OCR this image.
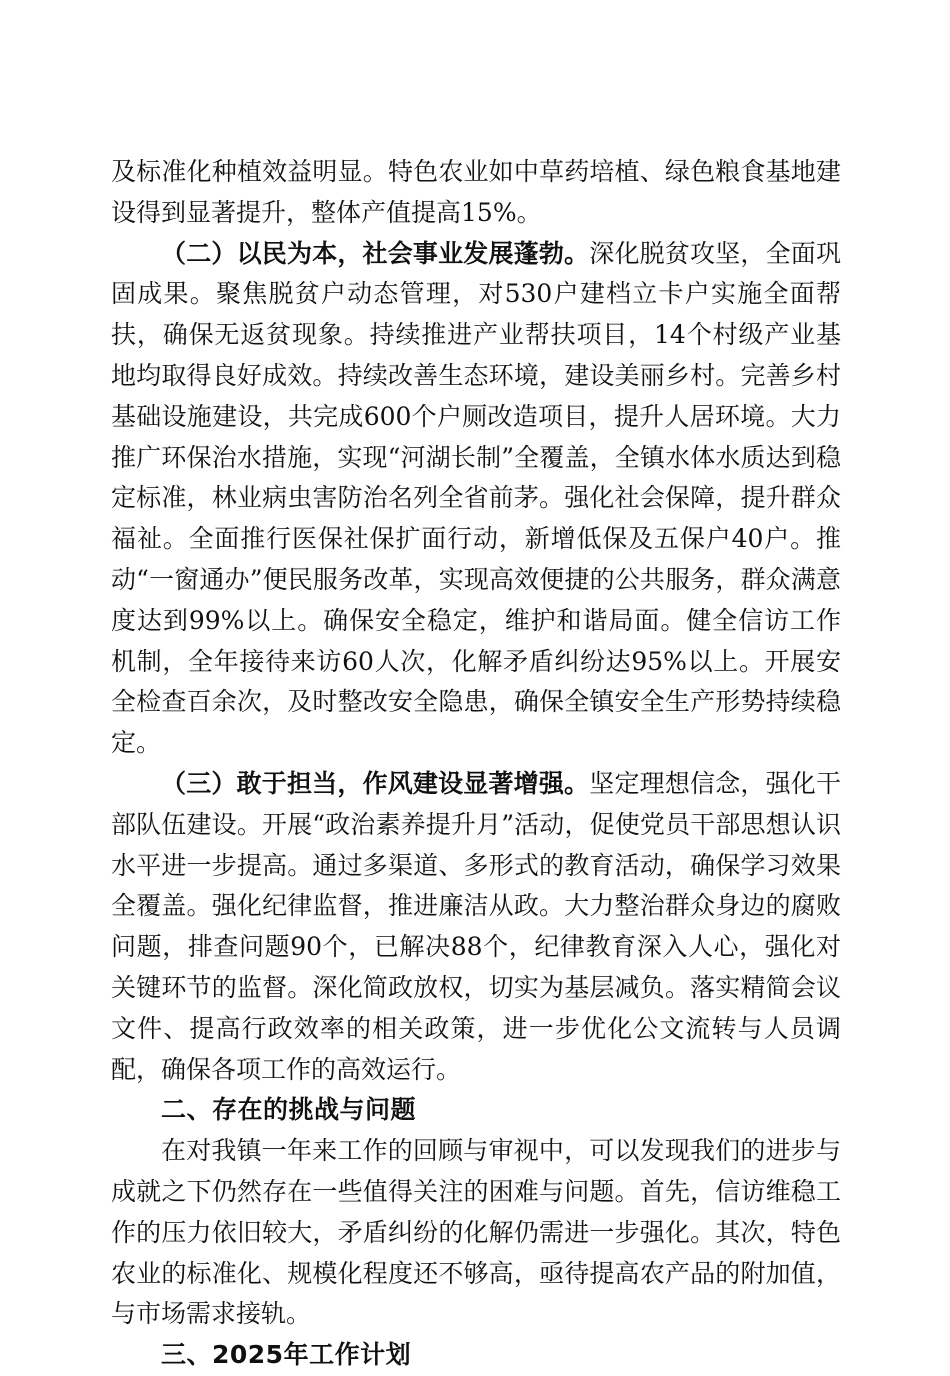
及标准化种植效益明显。特色农业如中草药培植、绿色粮食基地建设得到显著提升，整体产值提高15%。

（二）以民为本，社会事业发展蓬勃。深化脱贫攻坚，全面巩固成果。聚焦脱贫户动态管理，对530户建档立卡户实施全面帮扶，确保无返贫现象。持续推进产业帮扶项目，14个村级产业基地均取得良好成效。持续改善生态环境，建设美丽乡村。完善乡村基础设施建设，共完成600个户厕改造项目，提升人居环境。大力推广环保治水措施，实现“河湖长制”全覆盖，全镇水体水质达到稳定标准，林业病虫害防治名列全省前茅。强化社会保障，提升群众福祉。全面推行医保社保扩面行动，新增低保及五保户40户。推动“一窗通办”便民服务改革，实现高效便捷的公共服务，群众满意度达到99%以上。确保安全稳定，维护和谐局面。健全信访工作机制，全年接待来访60人次，化解矛盾纠纷达95%以上。开展安全检查百余次，及时整改安全隐患，确保全镇安全生产形势持续稳定。

（三）敢于担当，作风建设显著增强。坚定理想信念，强化干部队伍建设。开展“政治素养提升月”活动，促使党员干部思想认识水平进一步提高。通过多渠道、多形式的教育活动，确保学习效果全覆盖。强化纪律监督，推进廉洁从政。大力整治群众身边的腐败问题，排查问题90个，已解决88个，纪律教育深入人心，强化对关键环节的监督。深化简政放权，切实为基层减负。落实精简会议文件、提高行政效率的相关政策，进一步优化公文流转与人员调配，确保各项工作的高效运行。

二、存在的挑战与问题

在对我镇一年来工作的回顾与审视中，可以发现我们的进步与成就之下仍然存在一些值得关注的困难与问题。首先，信访维稳工作的压力依旧较大，矛盾纠纷的化解仍需进一步强化。其次，特色农业的标准化、规模化程度还不够高，亟待提高农产品的附加值，与市场需求接轨。

三、2025年工作计划
